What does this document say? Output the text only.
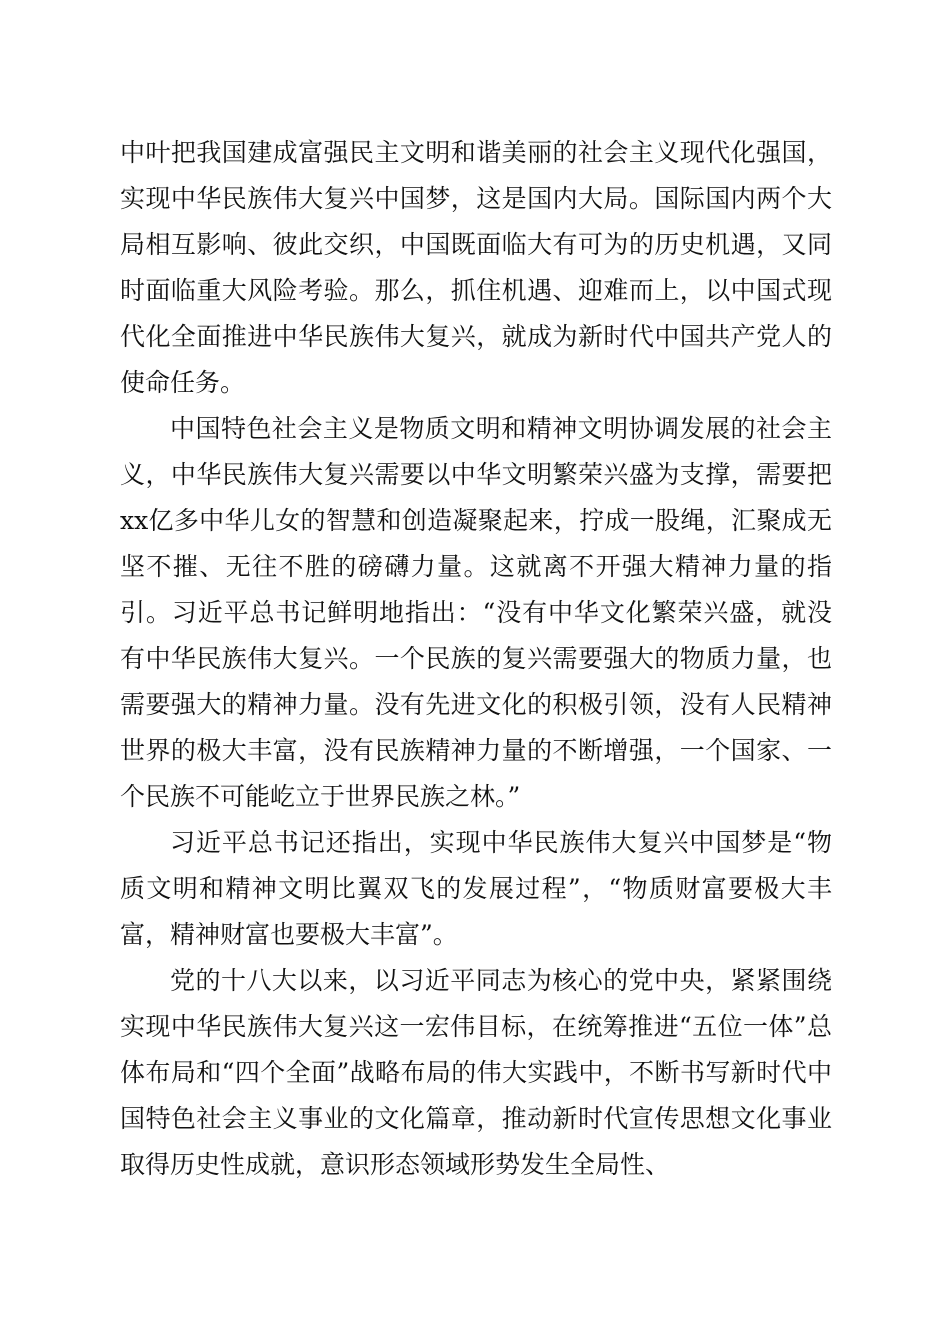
中叶把我国建成富强民主文明和谐美丽的社会主义现代化强国，实现中华民族伟大复兴中国梦，这是国内大局。国际国内两个大局相互影响、彼此交织，中国既面临大有可为的历史机遇，又同时面临重大风险考验。那么，抓住机遇、迎难而上，以中国式现代化全面推进中华民族伟大复兴，就成为新时代中国共产党人的使命任务。

中国特色社会主义是物质文明和精神文明协调发展的社会主义，中华民族伟大复兴需要以中华文明繁荣兴盛为支撑，需要把xx亿多中华儿女的智慧和创造凝聚起来，拧成一股绳，汇聚成无坚不摧、无往不胜的磅礴力量。这就离不开强大精神力量的指引。习近平总书记鲜明地指出：“没有中华文化繁荣兴盛，就没有中华民族伟大复兴。一个民族的复兴需要强大的物质力量，也需要强大的精神力量。没有先进文化的积极引领，没有人民精神世界的极大丰富，没有民族精神力量的不断增强，一个国家、一个民族不可能屹立于世界民族之林。”

习近平总书记还指出，实现中华民族伟大复兴中国梦是“物质文明和精神文明比翼双飞的发展过程”，“物质财富要极大丰富，精神财富也要极大丰富”。

党的十八大以来，以习近平同志为核心的党中央，紧紧围绕实现中华民族伟大复兴这一宏伟目标，在统筹推进“五位一体”总体布局和“四个全面”战略布局的伟大实践中，不断书写新时代中国特色社会主义事业的文化篇章，推动新时代宣传思想文化事业取得历史性成就，意识形态领域形势发生全局性、
